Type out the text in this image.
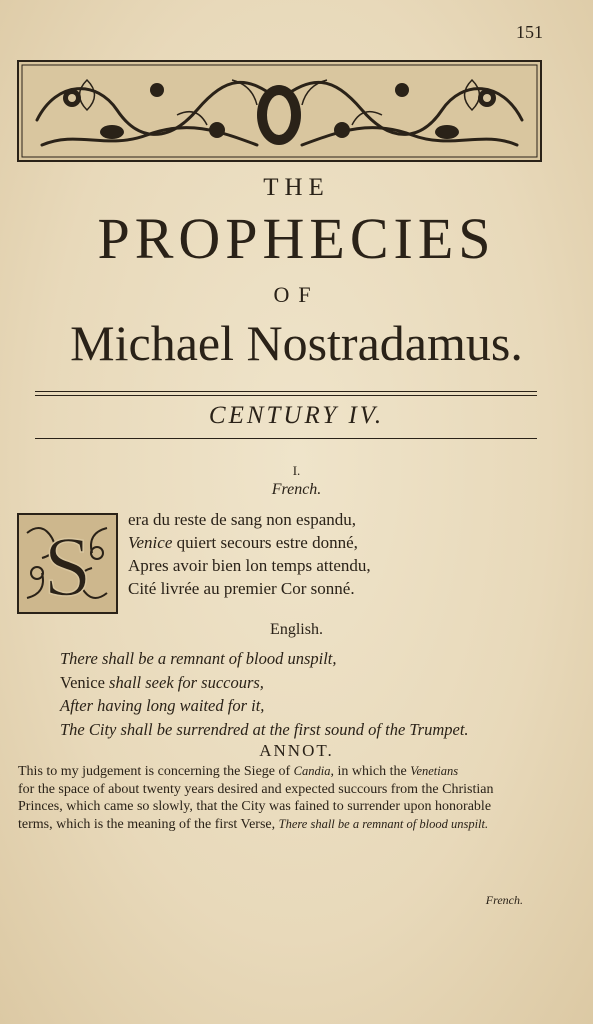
151
THE
PROPHECIES
OF
Michael Nostradamus.
CENTURY IV.
I.
French.
S era du reste de sang non espandu,
Venice quiert secours estre donné,
Apres avoir bien lon temps attendu,
Cité livrée au premier Cor sonné.
English.
There shall be a remnant of blood unspilt,
Venice shall seek for succours,
After having long waited for it,
The City shall be surrendred at the first sound of the Trumpet.
ANNOT.
This to my judgement is concerning the Siege of Candia, in which the Venetians
for the space of about twenty years desired and expected succours from the Christian
Princes, which came so slowly, that the City was fained to surrender upon honorable
terms, which is the meaning of the first Verse, There shall be a remnant of blood unspilt.
French.
